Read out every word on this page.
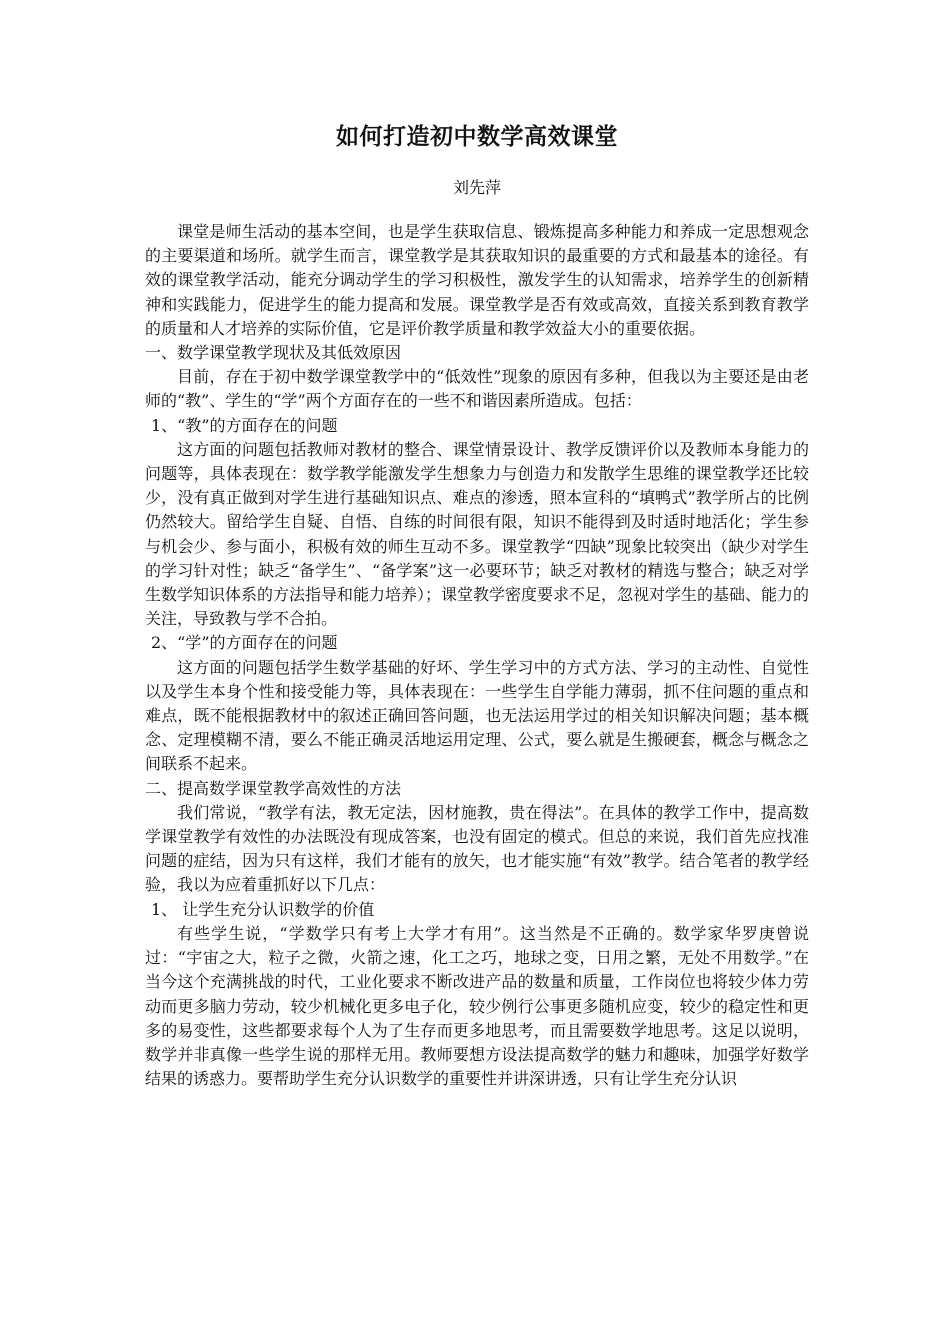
如何打造初中数学高效课堂
刘先萍
课堂是师生活动的基本空间，也是学生获取信息、锻炼提高多种能力和养成一定思想观念的主要渠道和场所。就学生而言，课堂教学是其获取知识的最重要的方式和最基本的途径。有效的课堂教学活动，能充分调动学生的学习积极性，激发学生的认知需求，培养学生的创新精神和实践能力，促进学生的能力提高和发展。课堂教学是否有效或高效，直接关系到教育教学的质量和人才培养的实际价值，它是评价教学质量和教学效益大小的重要依据。
一、数学课堂教学现状及其低效原因
目前，存在于初中数学课堂教学中的“低效性”现象的原因有多种，但我以为主要还是由老师的“教”、学生的“学”两个方面存在的一些不和谐因素所造成。包括：
1、“教”的方面存在的问题
这方面的问题包括教师对教材的整合、课堂情景设计、教学反馈评价以及教师本身能力的问题等，具体表现在：数学教学能激发学生想象力与创造力和发散学生思维的课堂教学还比较少，没有真正做到对学生进行基础知识点、难点的渗透，照本宣科的“填鸭式”教学所占的比例仍然较大。留给学生自疑、自悟、自练的时间很有限，知识不能得到及时适时地活化；学生参与机会少、参与面小，积极有效的师生互动不多。课堂教学“四缺”现象比较突出（缺少对学生的学习针对性；缺乏“备学生”、“备学案”这一必要环节；缺乏对教材的精选与整合；缺乏对学生数学知识体系的方法指导和能力培养）；课堂教学密度要求不足，忽视对学生的基础、能力的关注，导致教与学不合拍。
2、“学”的方面存在的问题
这方面的问题包括学生数学基础的好坏、学生学习中的方式方法、学习的主动性、自觉性以及学生本身个性和接受能力等，具体表现在：一些学生自学能力薄弱，抓不住问题的重点和难点，既不能根据教材中的叙述正确回答问题，也无法运用学过的相关知识解决问题；基本概念、定理模糊不清，要么不能正确灵活地运用定理、公式，要么就是生搬硬套，概念与概念之间联系不起来。
二、提高数学课堂教学高效性的方法
我们常说，“教学有法，教无定法，因材施教，贵在得法”。在具体的教学工作中，提高数学课堂教学有效性的办法既没有现成答案，也没有固定的模式。但总的来说，我们首先应找准问题的症结，因为只有这样，我们才能有的放矢，也才能实施“有效”教学。结合笔者的教学经验，我以为应着重抓好以下几点：
1、 让学生充分认识数学的价值
有些学生说，“学数学只有考上大学才有用”。这当然是不正确的。数学家华罗庚曾说过：“宇宙之大，粒子之微，火箭之速，化工之巧，地球之变，日用之繁，无处不用数学。”在当今这个充满挑战的时代，工业化要求不断改进产品的数量和质量，工作岗位也将较少体力劳动而更多脑力劳动，较少机械化更多电子化，较少例行公事更多随机应变，较少的稳定性和更多的易变性，这些都要求每个人为了生存而更多地思考，而且需要数学地思考。这足以说明，数学并非真像一些学生说的那样无用。教师要想方设法提高数学的魅力和趣味，加强学好数学结果的诱惑力。要帮助学生充分认识数学的重要性并讲深讲透，只有让学生充分认识
